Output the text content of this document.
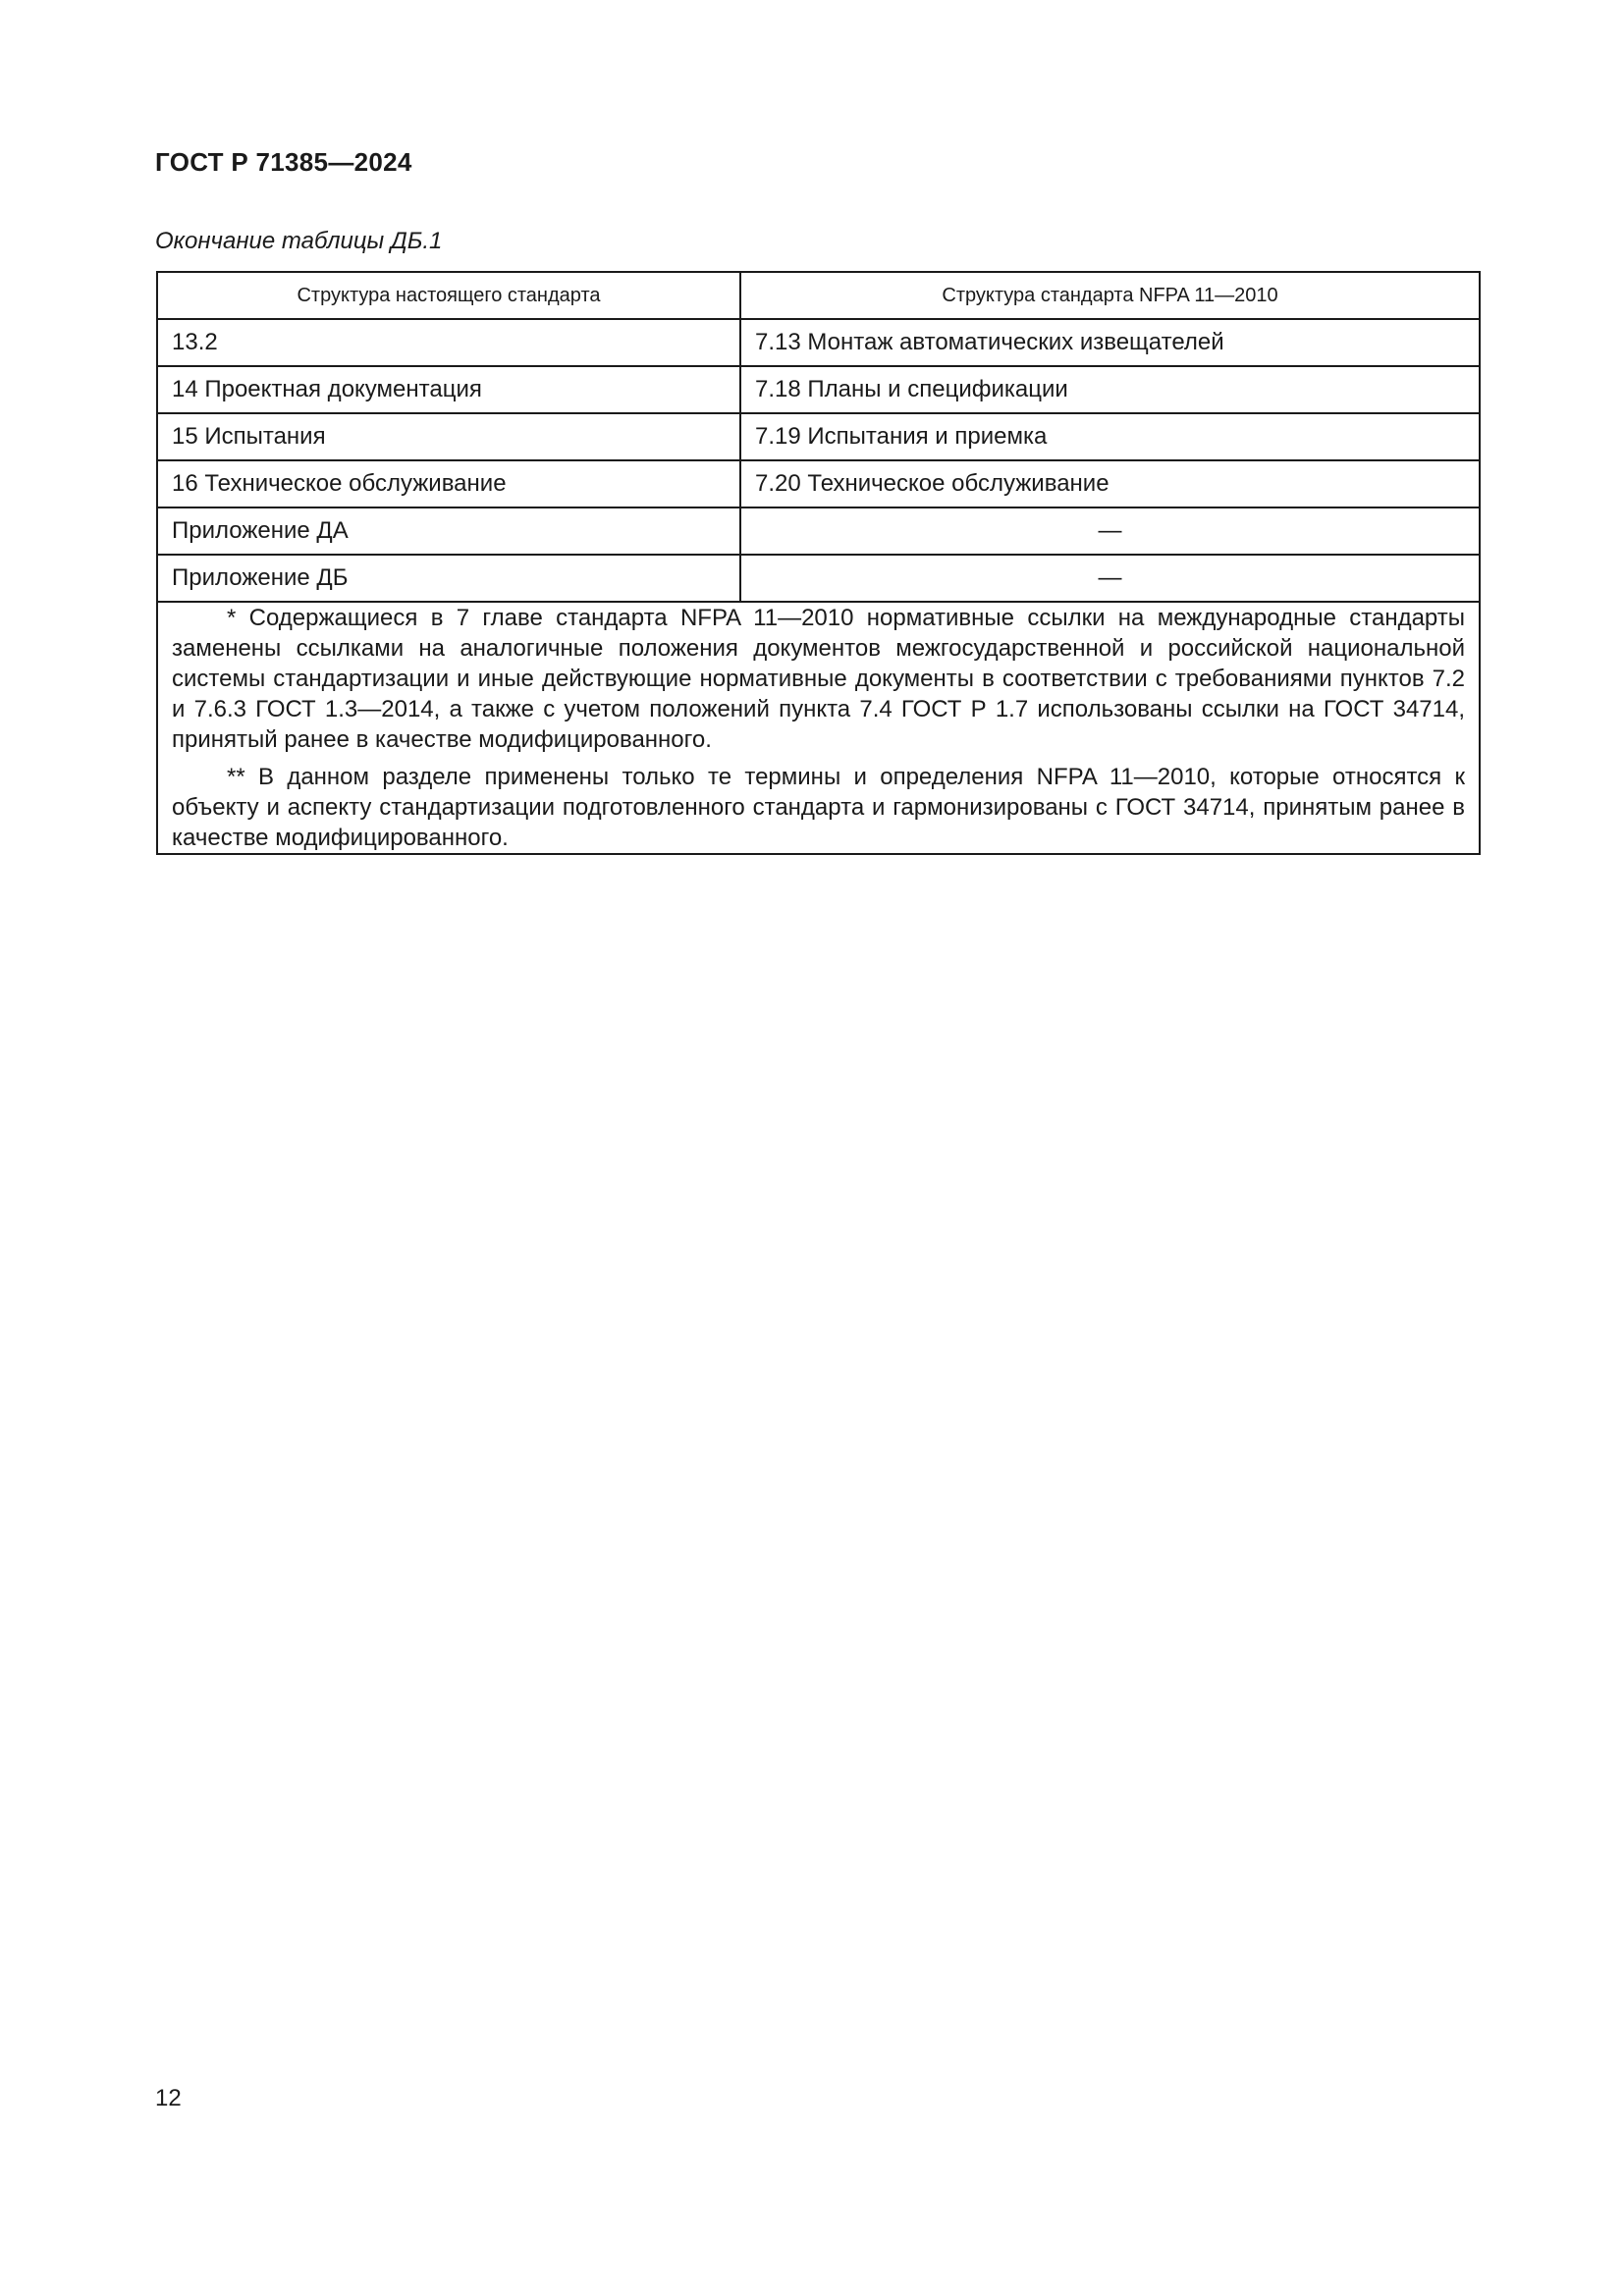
ГОСТ Р 71385—2024

Окончание таблицы ДБ.1

Структура настоящего стандарта	Структура стандарта NFPA 11—2010
13.2	7.13 Монтаж автоматических извещателей
14 Проектная документация	7.18 Планы и спецификации
15 Испытания	7.19 Испытания и приемка
16 Техническое обслуживание	7.20 Техническое обслуживание
Приложение ДА	—
Приложение ДБ	—

* Содержащиеся в 7 главе стандарта NFPA 11—2010 нормативные ссылки на международные стандарты заменены ссылками на аналогичные положения документов межгосударственной и российской национальной системы стандартизации и иные действующие нормативные документы в соответствии с требованиями пунктов 7.2 и 7.6.3 ГОСТ 1.3—2014, а также с учетом положений пункта 7.4 ГОСТ Р 1.7 использованы ссылки на ГОСТ 34714, принятый ранее в качестве модифицированного.

** В данном разделе применены только те термины и определения NFPA 11—2010, которые относятся к объекту и аспекту стандартизации подготовленного стандарта и гармонизированы с ГОСТ 34714, принятым ранее в качестве модифицированного.	

12
